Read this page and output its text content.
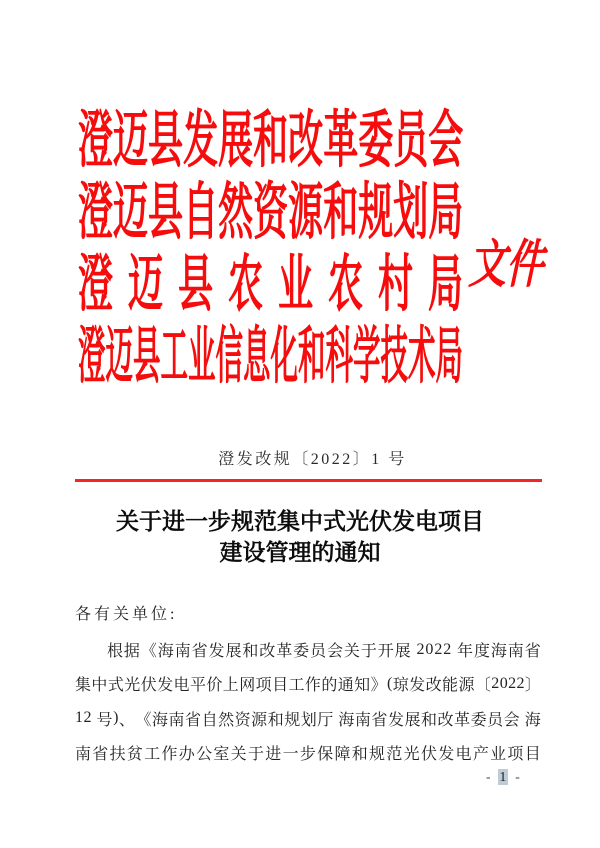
澄迈县发展和改革委员会
澄迈县自然资源和规划局
澄迈县农业农村局
澄迈县工业信息化和科学技术局
文件
澄发改规〔2022〕1 号
关于进一步规范集中式光伏发电项目
建设管理的通知
各有关单位:
根 据 《 海 南 省 发 展 和 改 革 委 员 会 关 于 开 展
2 0 2 2
年 度 海 南 省
集 中 式 光 伏 发 电 平 价 上 网 项 目 工 作 的 通 知 》 ( 琼 发 改 能 源 〔 2 0 2 2 〕
1 2
号 ) 、 《 海 南 省 自 然 资 源 和 规 划 厅
海 南 省 发 展 和 改 革 委 员 会
海
南 省 扶 贫 工 作 办 公 室 关 于 进 一 步 保 障 和 规 范 光 伏 发 电 产 业 项 目
- 1 -
